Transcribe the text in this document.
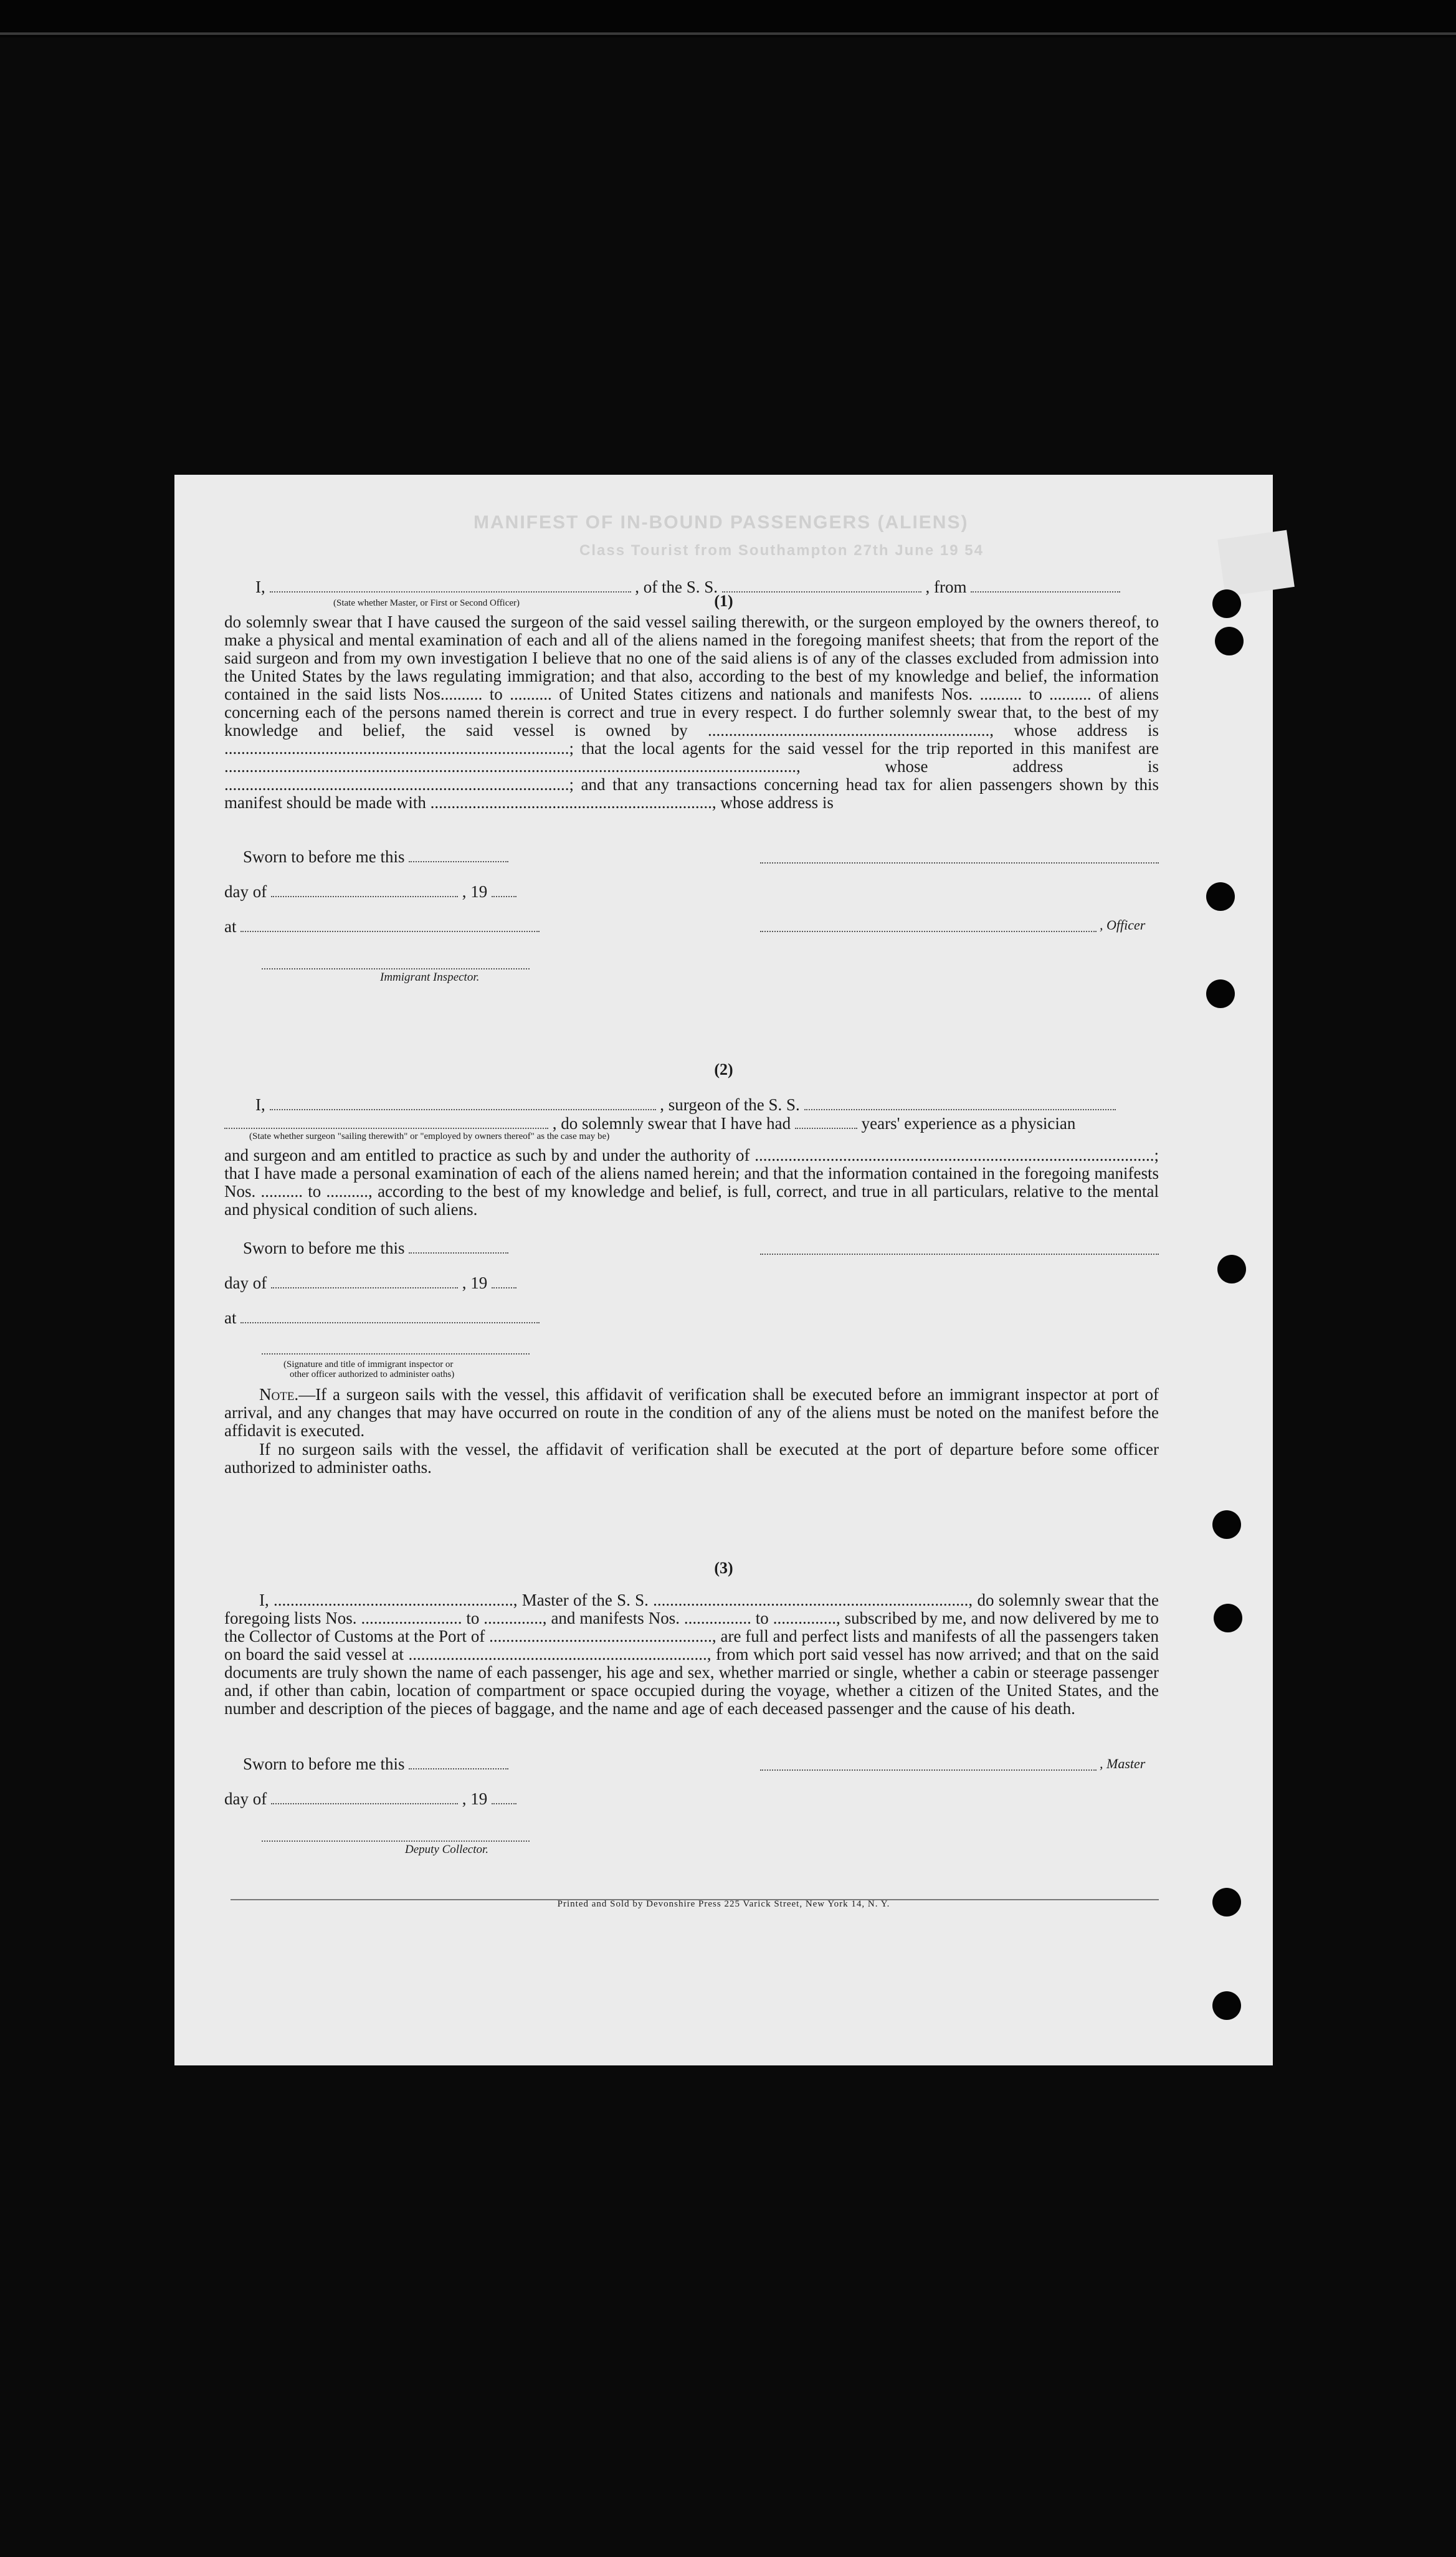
MANIFEST OF IN-BOUND PASSENGERS (ALIENS)
Class Tourist from Southampton 27th June 19 54
(1)
I,	, of the S. S.	, from
(State whether Master, or First or Second Officer)
do solemnly swear that I have caused the surgeon of the said vessel sailing therewith, or the surgeon employed by the owners thereof, to make a physical and mental examination of each and all of the aliens named in the foregoing manifest sheets; that from the report of the said surgeon and from my own investigation I believe that no one of the said aliens is of any of the classes excluded from admission into the United States by the laws regulating immigration; and that also, according to the best of my knowledge and belief, the information contained in the said lists Nos.......... to .......... of United States citizens and nationals and manifests Nos. .......... to .......... of aliens concerning each of the persons named therein is correct and true in every respect. I do further solemnly swear that, to the best of my knowledge and belief, the said vessel is owned by ..................................................................., whose address is ..................................................................................; that the local agents for the said vessel for the trip reported in this manifest are ........................................................................................................................................, whose address is ..................................................................................; and that any transactions concerning head tax for alien passengers shown by this manifest should be made with ..................................................................., whose address is
Sworn to before me this
day of	, 19
at	, Officer
Immigrant Inspector.
(2)
I,	, surgeon of the S. S.
, do solemnly swear that I have had	years' experience as a physician
(State whether surgeon "sailing therewith" or "employed by owners thereof" as the case may be)
and surgeon and am entitled to practice as such by and under the authority of ...............................................................................................; that I have made a personal examination of each of the aliens named herein; and that the information contained in the foregoing manifests Nos. .......... to .........., according to the best of my knowledge and belief, is full, correct, and true in all particulars, relative to the mental and physical condition of such aliens.
Sworn to before me this
day of	, 19
at
(Signature and title of immigrant inspector or
other officer authorized to administer oaths)
Note.—If a surgeon sails with the vessel, this affidavit of verification shall be executed before an immigrant inspector at port of arrival, and any changes that may have occurred on route in the condition of any of the aliens must be noted on the manifest before the affidavit is executed.
If no surgeon sails with the vessel, the affidavit of verification shall be executed at the port of departure before some officer authorized to administer oaths.
(3)
I, ........................................................., Master of the S. S. ..........................................................................., do solemnly swear that the foregoing lists Nos. ........................ to .............., and manifests Nos. ................ to ..............., subscribed by me, and now delivered by me to the Collector of Customs at the Port of ....................................................., are full and perfect lists and manifests of all the passengers taken on board the said vessel at ......................................................................., from which port said vessel has now arrived; and that on the said documents are truly shown the name of each passenger, his age and sex, whether married or single, whether a cabin or steerage passenger and, if other than cabin, location of compartment or space occupied during the voyage, whether a citizen of the United States, and the number and description of the pieces of baggage, and the name and age of each deceased passenger and the cause of his death.
Sworn to before me this	, Master
day of	, 19
Deputy Collector.
Printed and Sold by Devonshire Press 225 Varick Street, New York 14, N. Y.
